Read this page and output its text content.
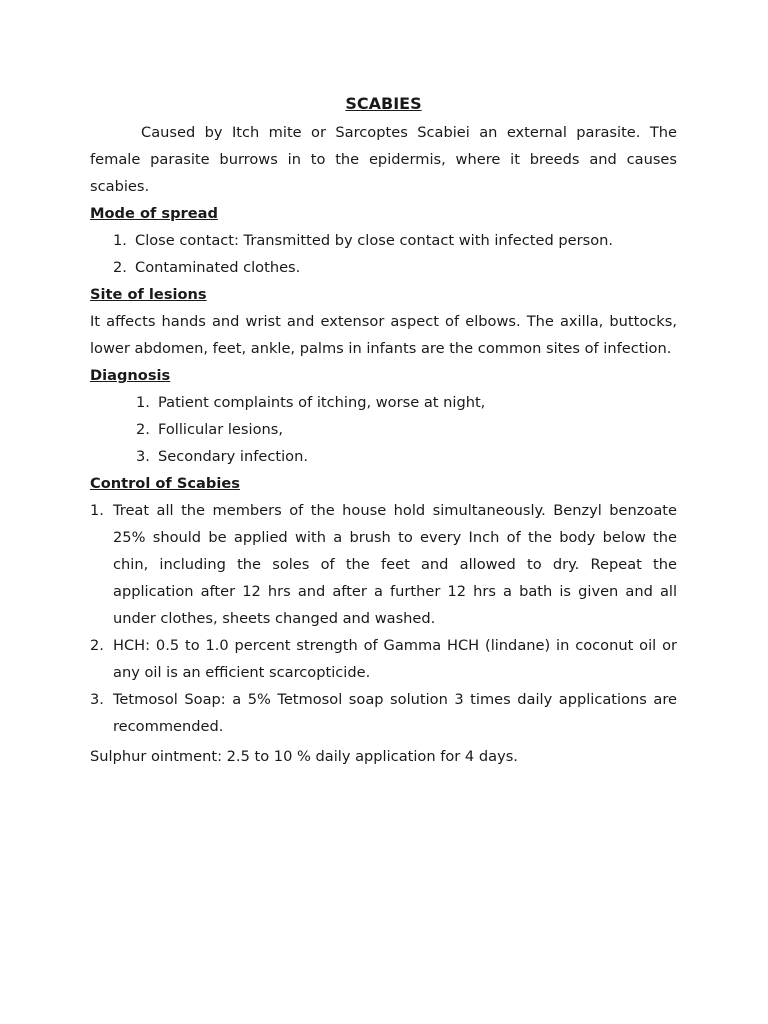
SCABIES

Caused by Itch mite or Sarcoptes Scabiei an external parasite. The female parasite burrows in to the epidermis, where it breeds and causes scabies.

Mode of spread
1. Close contact: Transmitted by close contact with infected person.
2. Contaminated clothes.
Site of lesions

It affects hands and wrist and extensor aspect of elbows. The axilla, buttocks, lower abdomen, feet, ankle, palms in infants are the common sites of infection.

Diagnosis
1. Patient complaints of itching, worse at night,
2. Follicular lesions,
3. Secondary infection.
Control of Scabies
1. Treat all the members of the house hold simultaneously. Benzyl benzoate 25% should be applied with a brush to every Inch of the body below the chin, including the soles of the feet and allowed to dry. Repeat the application after 12 hrs and after a further 12 hrs a bath is given and all under clothes, sheets changed and washed.
2. HCH: 0.5 to 1.0 percent strength of Gamma HCH (lindane) in coconut oil or any oil is an efficient scarcopticide.
3. Tetmosol Soap: a 5% Tetmosol soap solution 3 times daily applications are recommended.

Sulphur ointment: 2.5 to 10 % daily application for 4 days.
